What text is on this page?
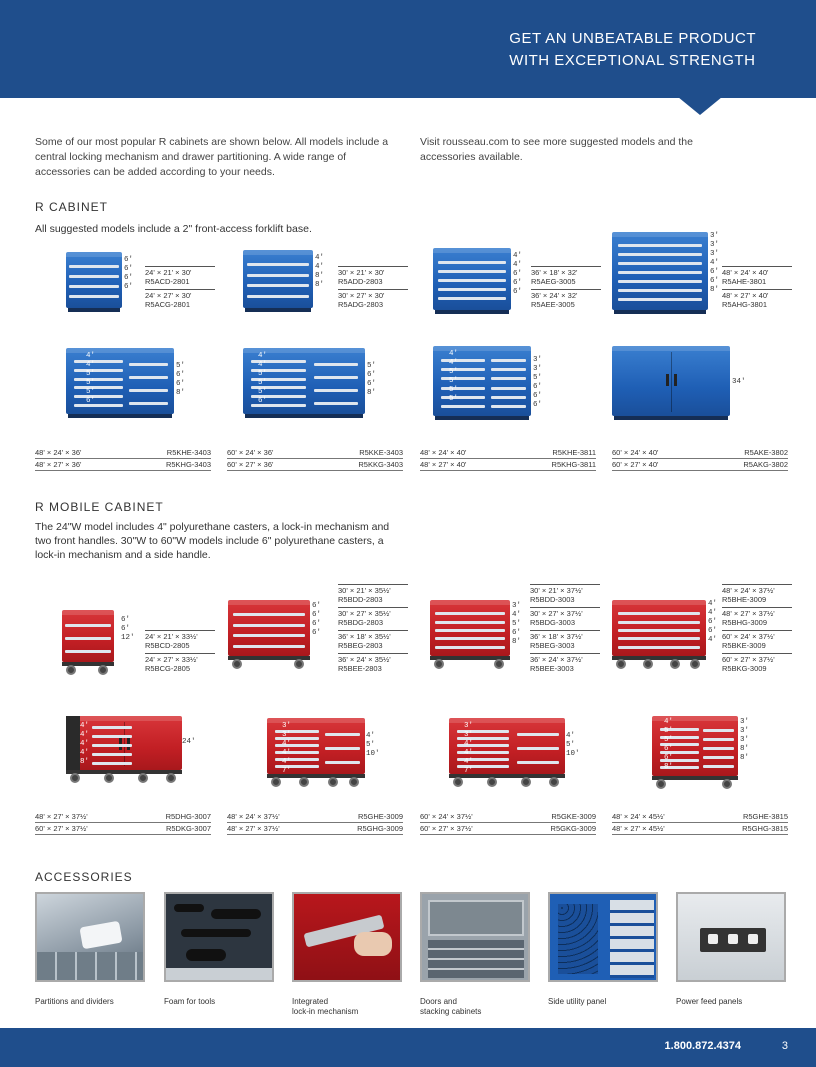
GET AN UNBEATABLE PRODUCT
WITH EXCEPTIONAL STRENGTH
Some of our most popular R cabinets are shown below. All models include a central locking mechanism and drawer partitioning. A wide range of accessories can be added according to your needs.
Visit rousseau.com to see more suggested models and the accessories available.
R CABINET
All suggested models include a 2" front-access forklift base.
6'
6'
6'
6'
24' × 21' × 30'
R5ACD-2801
24' × 27' × 30'
R5ACG-2801
4'
4'
8'
8'
30' × 21' × 30'
R5ADD-2803
30' × 27' × 30'
R5ADG-2803
4'
4'
6'
6'
6'
36' × 18' × 32'
R5AEG-3005
36' × 24' × 32'
R5AEE-3005
3'
3'
3'
4'
6'
6'
8'
48' × 24' × 40'
R5AHE-3801
48' × 27' × 40'
R5AHG-3801
4'
4'
5'
5'
5'
6'
5'
6'
6'
8'
48' × 24' × 36'	R5KHE-3403
48' × 27' × 36'	R5KHG-3403
4'
4'
5'
5'
5'
6'
5'
6'
6'
8'
60' × 24' × 36'	R5KKE-3403
60' × 27' × 36'	R5KKG-3403
4'
4'
5'
5'
5'
5'
3'
3'
5'
6'
6'
6'
48' × 24' × 40'	R5KHE-3811
48' × 27' × 40'	R5KHG-3811
34'
60' × 24' × 40'	R5AKE-3802
60' × 27' × 40'	R5AKG-3802
R MOBILE CABINET
The 24"W model includes 4" polyurethane casters, a lock-in mechanism and two front handles. 30"W to 60"W models include 6" polyurethane casters, a lock-in mechanism and a side handle.
6'
6'
12' 24' × 21' × 33½'
R5BCD-2805
24' × 27' × 33½'
R5BCG-2805
6'
6'
6'
6'
30' × 21' × 35½'
R5BDD-2803
30' × 27' × 35½'
R5BDG-2803
36' × 18' × 35½'
R5BEG-2803
36' × 24' × 35½'
R5BEE-2803
3'
4'
5'
6'
8'
30' × 21' × 37½'
R5BDD-3003
30' × 27' × 37½'
R5BDG-3003
36' × 18' × 37½'
R5BEG-3003
36' × 24' × 37½'
R5BEE-3003
4'
4'
6'
6'
4'
48' × 24' × 37½'
R5BHE-3009
48' × 27' × 37½'
R5BHG-3009
60' × 24' × 37½'
R5BKE-3009
60' × 27' × 37½'
R5BKG-3009
4'
4'
4'
4'
8'
24'
48' × 27' × 37½'	R5DHG-3007
60' × 27' × 37½'	R5DKG-3007
3'
3'
4'
4'
4'
7'
4'
5'
10'
48' × 24' × 37½'	R5GHE-3009
48' × 27' × 37½'	R5GHG-3009
3'
3'
4'
4'
4'
7'
4'
5'
10'
60' × 24' × 37½'	R5GKE-3009
60' × 27' × 37½'	R5GKG-3009
4'
5'
5'
6'
6'
8'
3'
3'
3'
8'
8'
48' × 24' × 45½'	R5GHE-3815
48' × 27' × 45½'	R5GHG-3815
ACCESSORIES
Partitions and dividers	Foam for tools	Integrated
lock-in mechanism
Doors and
stacking cabinets
Side utility panel	Power feed panels
1.800.872.4374	3
